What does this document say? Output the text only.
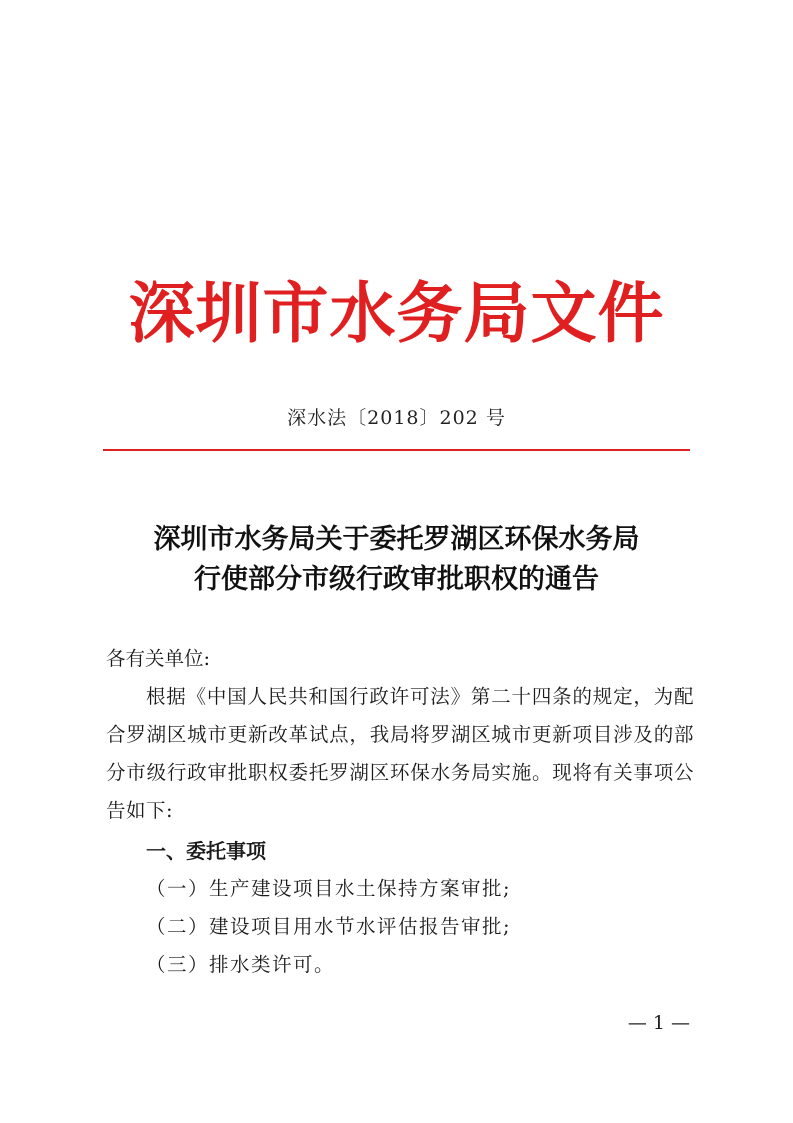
深圳市水务局文件
深水法〔2018〕202 号
深圳市水务局关于委托罗湖区环保水务局
行使部分市级行政审批职权的通告

各有关单位:

根据《中国人民共和国行政许可法》第二十四条的规定，为配合罗湖区城市更新改革试点，我局将罗湖区城市更新项目涉及的部分市级行政审批职权委托罗湖区环保水务局实施。现将有关事项公告如下:

一、委托事项

（一）生产建设项目水土保持方案审批;

（二）建设项目用水节水评估报告审批;

（三）排水类许可。

— 1 —
